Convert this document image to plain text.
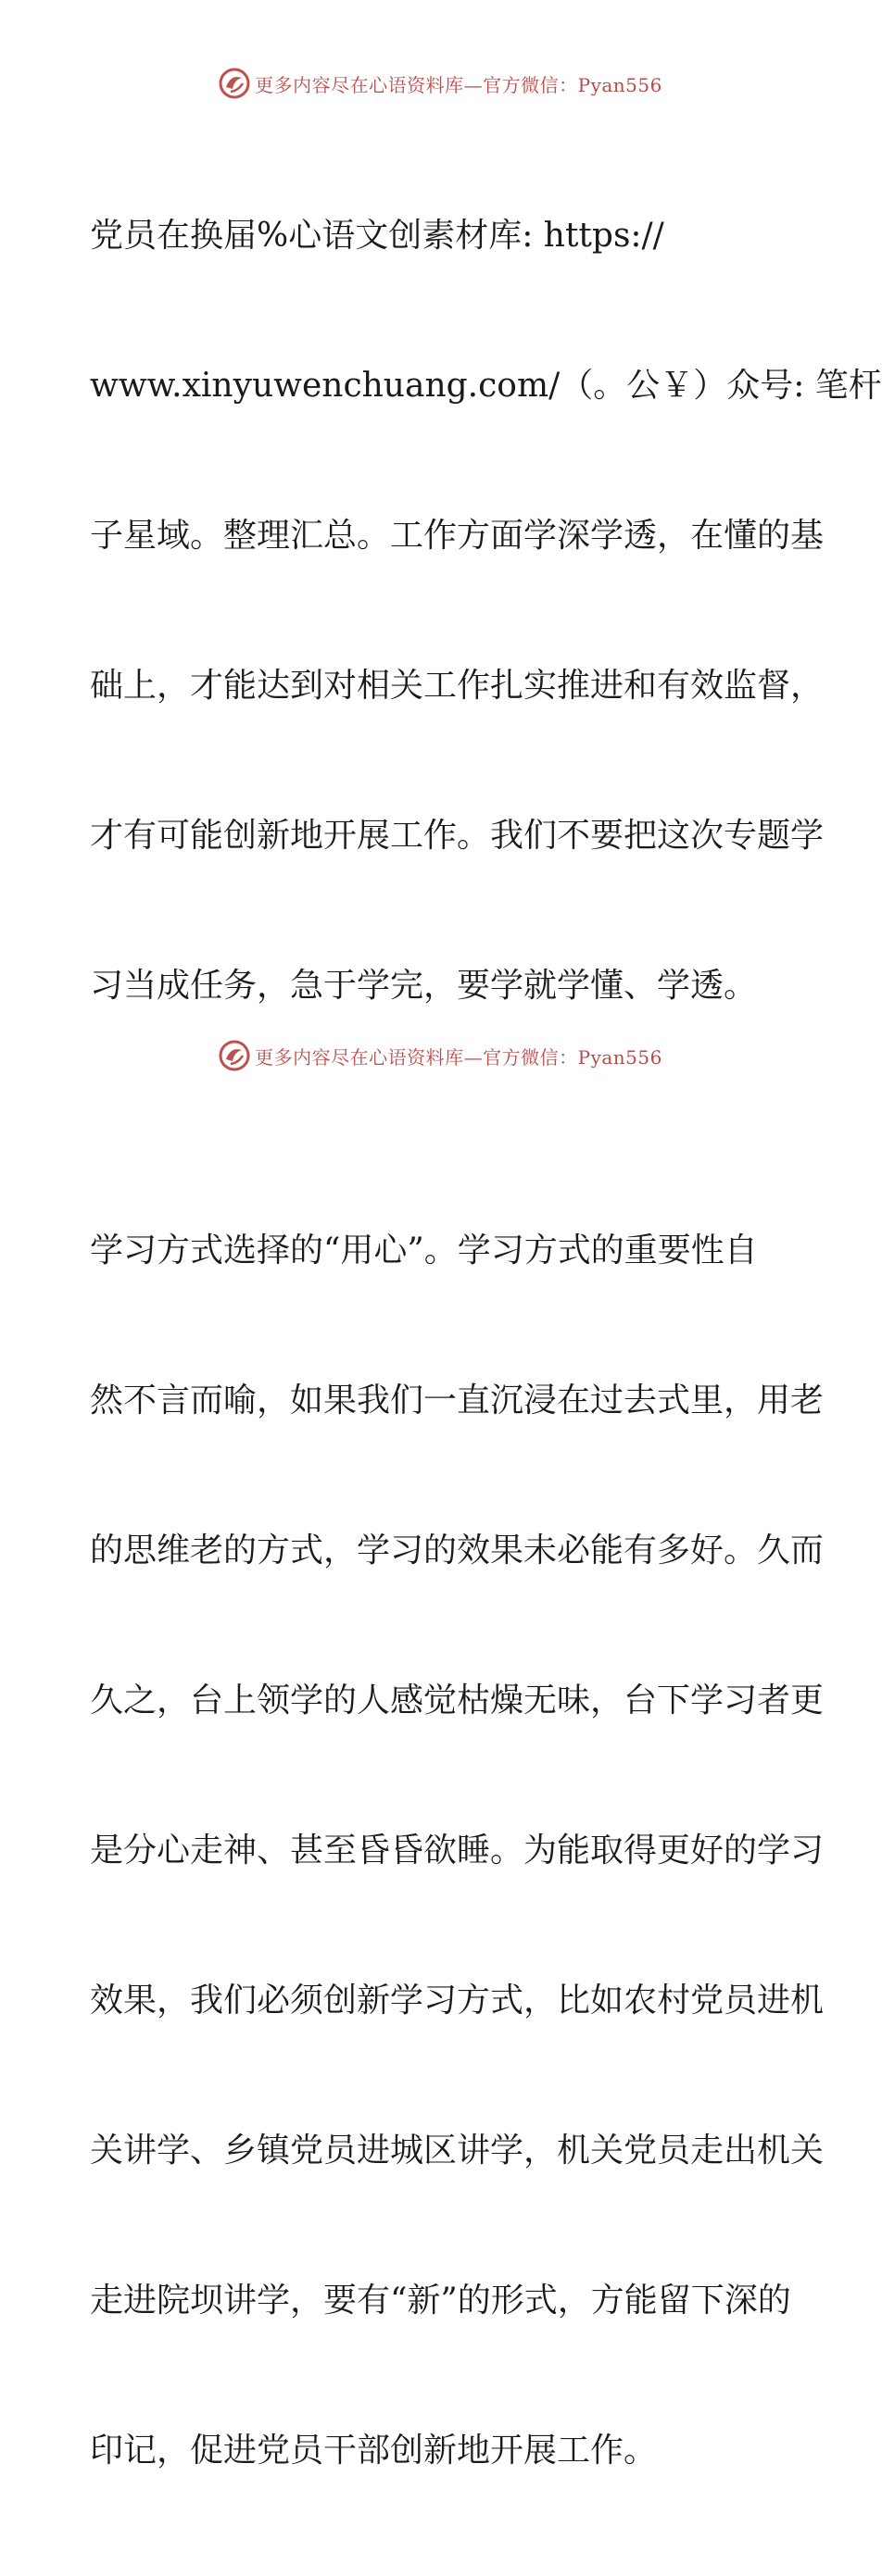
更多内容尽在心语资料库—官方微信：Pyan556

党员在换届%心语文创素材库: https://

www.xinyuwenchuang.com/（。公￥）众号: 笔杆

子星域。整理汇总。工作方面学深学透，在懂的基

础上，才能达到对相关工作扎实推进和有效监督，

才有可能创新地开展工作。我们不要把这次专题学

习当成任务，急于学完，要学就学懂、学透。

学习方式选择的“用心”。学习方式的重要性自

然不言而喻，如果我们一直沉浸在过去式里，用老

的思维老的方式，学习的效果未必能有多好。久而

久之，台上领学的人感觉枯燥无味，台下学习者更

是分心走神、甚至昏昏欲睡。为能取得更好的学习

效果，我们必须创新学习方式，比如农村党员进机

关讲学、乡镇党员进城区讲学，机关党员走出机关

走进院坝讲学，要有“新”的形式，方能留下深的

印记，促进党员干部创新地开展工作。

更多内容尽在心语资料库—官方微信：Pyan556
